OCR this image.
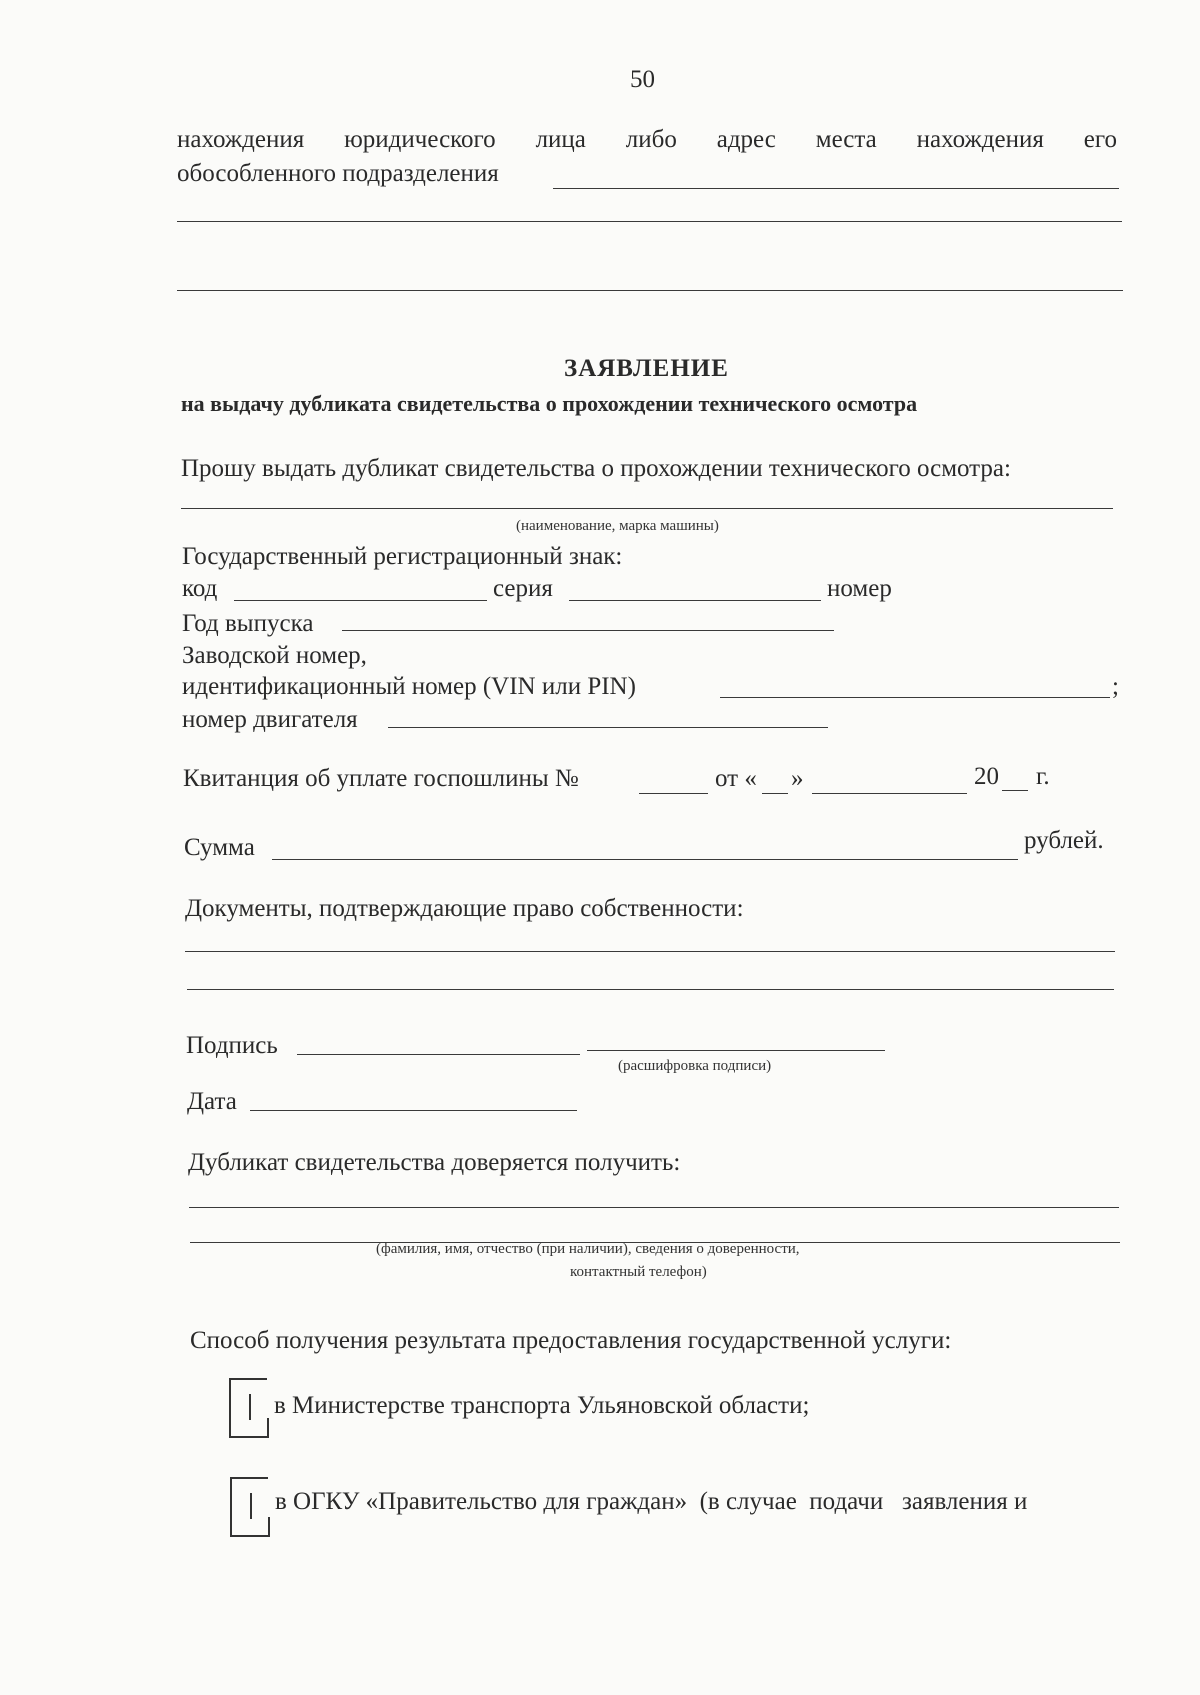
50
нахождения юридического лица либо адрес места нахождения его
обособленного подразделения
ЗАЯВЛЕНИЕ
на выдачу дубликата свидетельства о прохождении технического осмотра
Прошу выдать дубликат свидетельства о прохождении технического осмотра:
(наименование, марка машины)
Государственный регистрационный знак:
код	серия	номер
Год выпуска
Заводской номер,
идентификационный номер (VIN или PIN)	;
номер двигателя
Квитанция об уплате госпошлины №	от « »	20 г.
Сумма	рублей.
Документы, подтверждающие право собственности:
Подпись
(расшифровка подписи)
Дата
Дубликат свидетельства доверяется получить:
(фамилия, имя, отчество (при наличии), сведения о доверенности,
контактный телефон)
Способ получения результата предоставления государственной услуги:
в Министерстве транспорта Ульяновской области;
в ОГКУ «Правительство для граждан»  (в случае  подачи   заявления и
